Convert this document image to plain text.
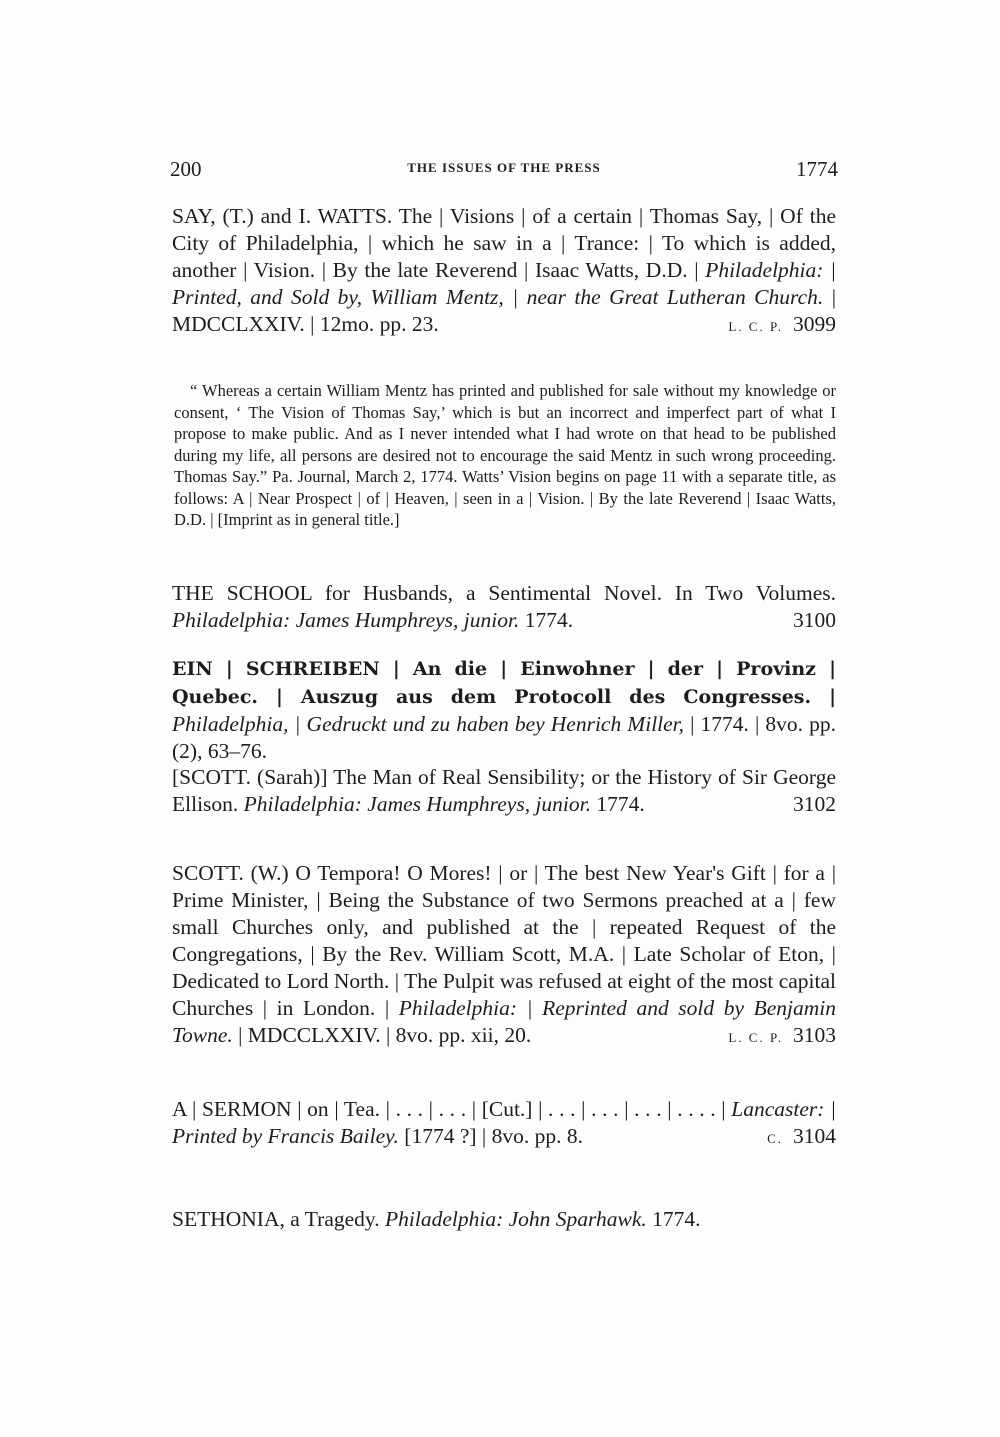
200	THE ISSUES OF THE PRESS	1774

SAY, (T.) and I. WATTS. The | Visions | of a certain | Thomas Say, | Of the City of Philadelphia, | which he saw in a | Trance: | To which is added, another | Vision. | By the late Reverend | Isaac Watts, D.D. | Philadelphia: | Printed, and Sold by, William Mentz, | near the Great Lutheran Church. | MDCCLXXIV. | 12mo. pp. 23.	L. C. P. 3099

“ Whereas a certain William Mentz has printed and published for sale without my knowledge or consent, ‘ The Vision of Thomas Say,’ which is but an incorrect and imperfect part of what I propose to make public. And as I never intended what I had wrote on that head to be published during my life, all persons are desired not to encourage the said Mentz in such wrong proceeding. Thomas Say.” Pa. Journal, March 2, 1774. Watts’ Vision begins on page 11 with a separate title, as follows: A | Near Prospect | of | Heaven, | seen in a | Vision. | By the late Reverend | Isaac Watts, D.D. | [Imprint as in general title.]

THE SCHOOL for Husbands, a Sentimental Novel. In Two Volumes. Philadelphia: James Humphreys, junior. 1774.	3100

EIN | SCHREIBEN | An die | Einwohner | der | Provinz | Quebec. | Auszug aus dem Protocoll des Congresses. | Philadelphia, | Gedruckt und zu haben bey Henrich Miller, | 1774. | 8vo. pp. (2), 63–76.

[SCOTT. (Sarah)] The Man of Real Sensibility; or the History of Sir George Ellison. Philadelphia: James Humphreys, junior. 1774.	3102

SCOTT. (W.) O Tempora! O Mores! | or | The best New Year's Gift | for a | Prime Minister, | Being the Substance of two Sermons preached at a | few small Churches only, and published at the | repeated Request of the Congregations, | By the Rev. William Scott, M.A. | Late Scholar of Eton, | Dedicated to Lord North. | The Pulpit was refused at eight of the most capital Churches | in London. | Philadelphia: | Reprinted and sold by Benjamin Towne. | MDCCLXXIV. | 8vo. pp. xii, 20.	L. C. P. 3103

A | SERMON | on | Tea. | . . . | . . . | [Cut.] | . . . | . . . | . . . | . . . . | Lancaster: | Printed by Francis Bailey. [1774 ?] | 8vo. pp. 8.	C. 3104

SETHONIA, a Tragedy. Philadelphia: John Sparhawk. 1774.
